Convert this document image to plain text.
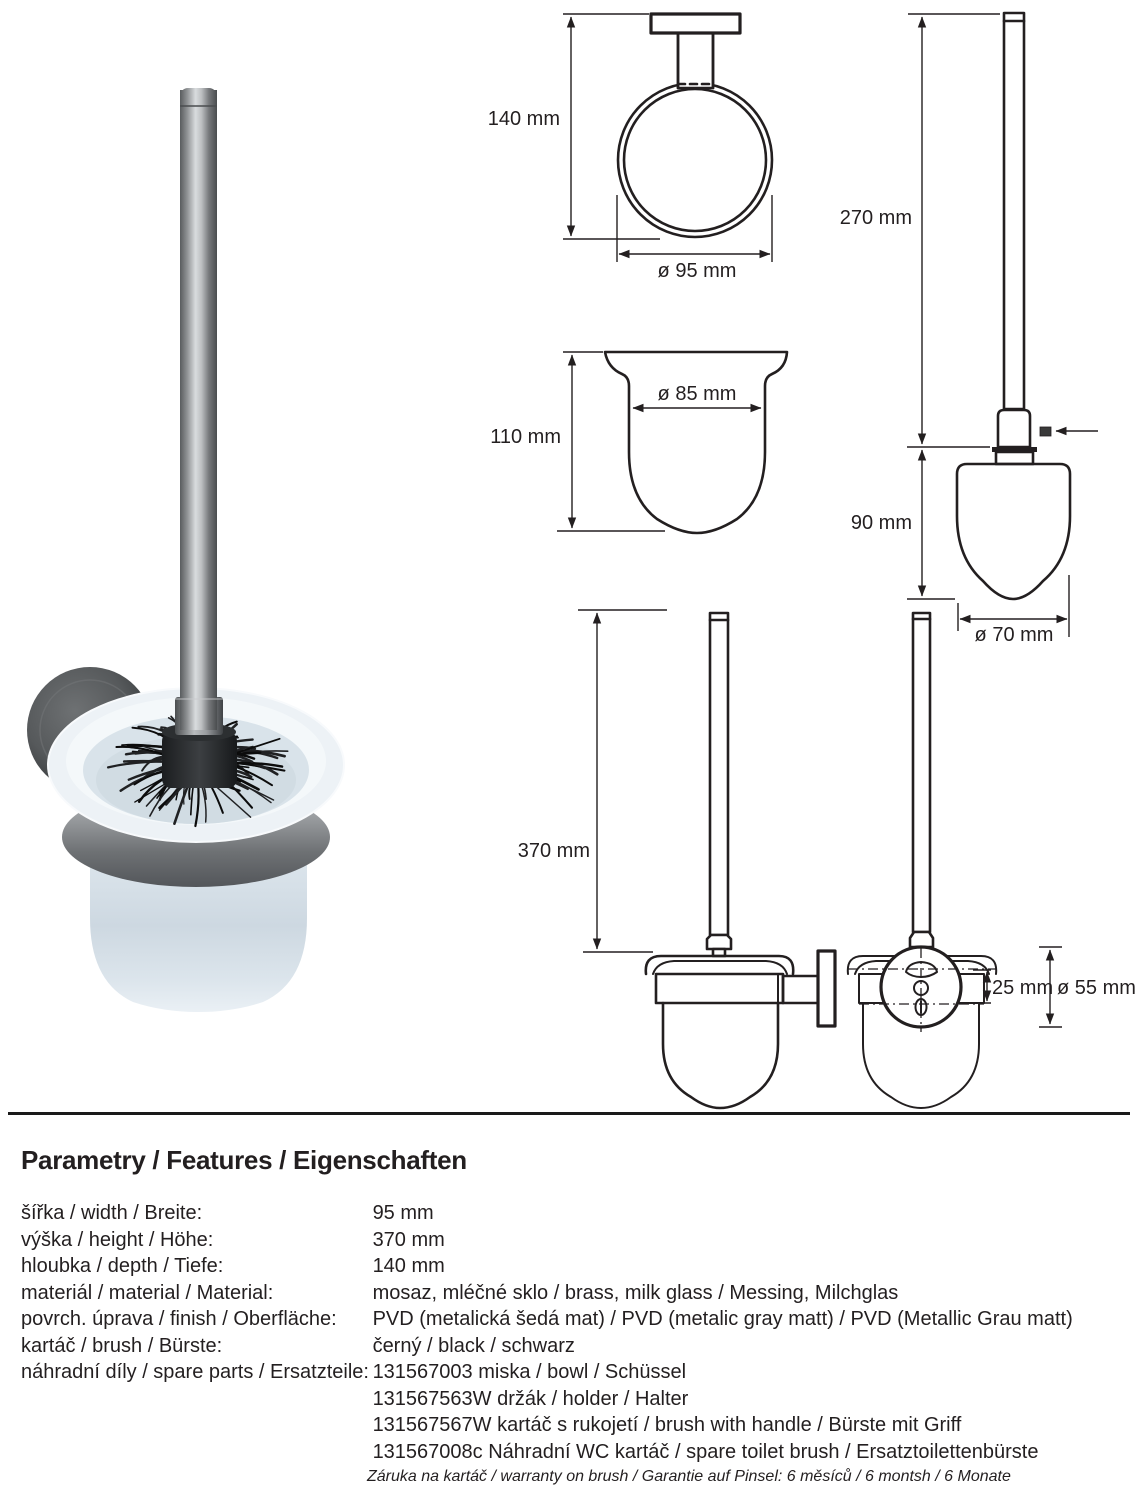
140 mm
ø 95 mm
110 mm
ø 85 mm
270 mm
90 mm
ø 70 mm
370 mm
25 mm ø 55 mm
Parametry / Features / Eigenschaften
šířka / width / Breite:	95 mm
výška / height / Höhe:	370 mm
hloubka / depth / Tiefe:	140 mm
materiál / material / Material:	mosaz, mléčné sklo / brass, milk glass / Messing, Milchglas
povrch. úprava / finish / Oberfläche: PVD (metalická šedá mat) / PVD (metalic gray matt) / PVD (Metallic Grau matt)
kartáč / brush / Bürste:	černý / black / schwarz
náhradní díly / spare parts / Ersatzteile: 131567003 miska / bowl / Schüssel
131567563W držák / holder / Halter
131567567W kartáč s rukojetí / brush with handle / Bürste mit Griff
131567008c Náhradní WC kartáč / spare toilet brush / Ersatztoilettenbürste
Záruka na kartáč / warranty on brush / Garantie auf Pinsel: 6 měsíců / 6 montsh / 6 Monate
